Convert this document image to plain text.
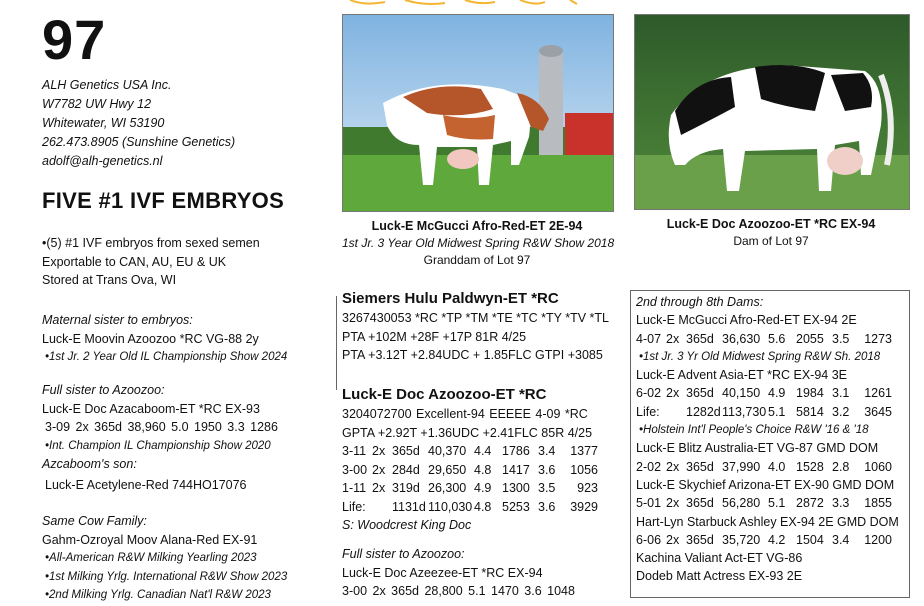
97
ALH Genetics USA Inc.
W7782 UW Hwy 12
Whitewater, WI 53190
262.473.8905 (Sunshine Genetics)
adolf@alh-genetics.nl
FIVE #1 IVF EMBRYOS
•(5) #1 IVF embryos from sexed semen
Exportable to CAN, AU, EU & UK
Stored at Trans Ova, WI
Maternal sister to embryos:
Luck-E Moovin Azoozoo *RC VG-88 2y
•1st Jr. 2 Year Old IL Championship Show 2024
Full sister to Azoozoo:
Luck-E Doc Azacaboom-ET *RC EX-93
3-09 2x 365d 38,960 5.0 1950 3.3 1286
•Int. Champion IL Championship Show 2020
Azcaboom's son:
Luck-E Acetylene-Red 744HO17076
Same Cow Family:
Gahm-Ozroyal Moov Alana-Red EX-91
•All-American R&W Milking Yearling 2023
•1st Milking Yrlg. International R&W Show 2023
•2nd Milking Yrlg. Canadian Nat'l R&W 2023
Luck-E McGucci Afro-Red-ET 2E-94
1st Jr. 3 Year Old Midwest Spring R&W Show 2018
Granddam of Lot 97
Luck-E Doc Azoozoo-ET *RC EX-94
Dam of Lot 97
Siemers Hulu Paldwyn-ET *RC
3267430053 *RC *TP *TM *TE *TC *TY *TV *TL
PTA +102M +28F +17P 81R 4/25
PTA +3.12T +2.84UDC + 1.85FLC GTPI +3085
Luck-E Doc Azoozoo-ET *RC
3204072700 Excellent-94 EEEEE 4-09 *RC
GPTA +2.92T +1.36UDC +2.41FLC 85R 4/25
3-11 2x 365d 40,370 4.4 1786 3.4	1377
3-00 2x 284d 29,650 4.8 1417 3.6	1056
1-11 2x 319d 26,300 4.9 1300 3.5	923
Life:	1131d 110,030 4.8 5253 3.6	3929
S: Woodcrest King Doc
Full sister to Azoozoo:
Luck-E Doc Azeezee-ET *RC EX-94
3-00 2x 365d 28,800 5.1 1470 3.6 1048
2nd through 8th Dams:
Luck-E McGucci Afro-Red-ET EX-94 2E
4-07 2x 365d 36,630 5.6 2055 3.5	1273
•1st Jr. 3 Yr Old Midwest Spring R&W Sh. 2018
Luck-E Advent Asia-ET *RC EX-94 3E
6-02 2x 365d 40,150 4.9 1984 3.1	1261
Life:	1282d 113,730 5.1 5814 3.2	3645
•Holstein Int'l People's Choice R&W '16 & '18
Luck-E Blitz Australia-ET VG-87 GMD DOM
2-02 2x 365d 37,990 4.0 1528 2.8	1060
Luck-E Skychief Arizona-ET EX-90 GMD DOM
5-01 2x 365d 56,280 5.1 2872 3.3	1855
Hart-Lyn Starbuck Ashley EX-94 2E GMD DOM
6-06 2x 365d 35,720 4.2 1504 3.4	1200
Kachina Valiant Act-ET VG-86
Dodeb Matt Actress EX-93 2E
